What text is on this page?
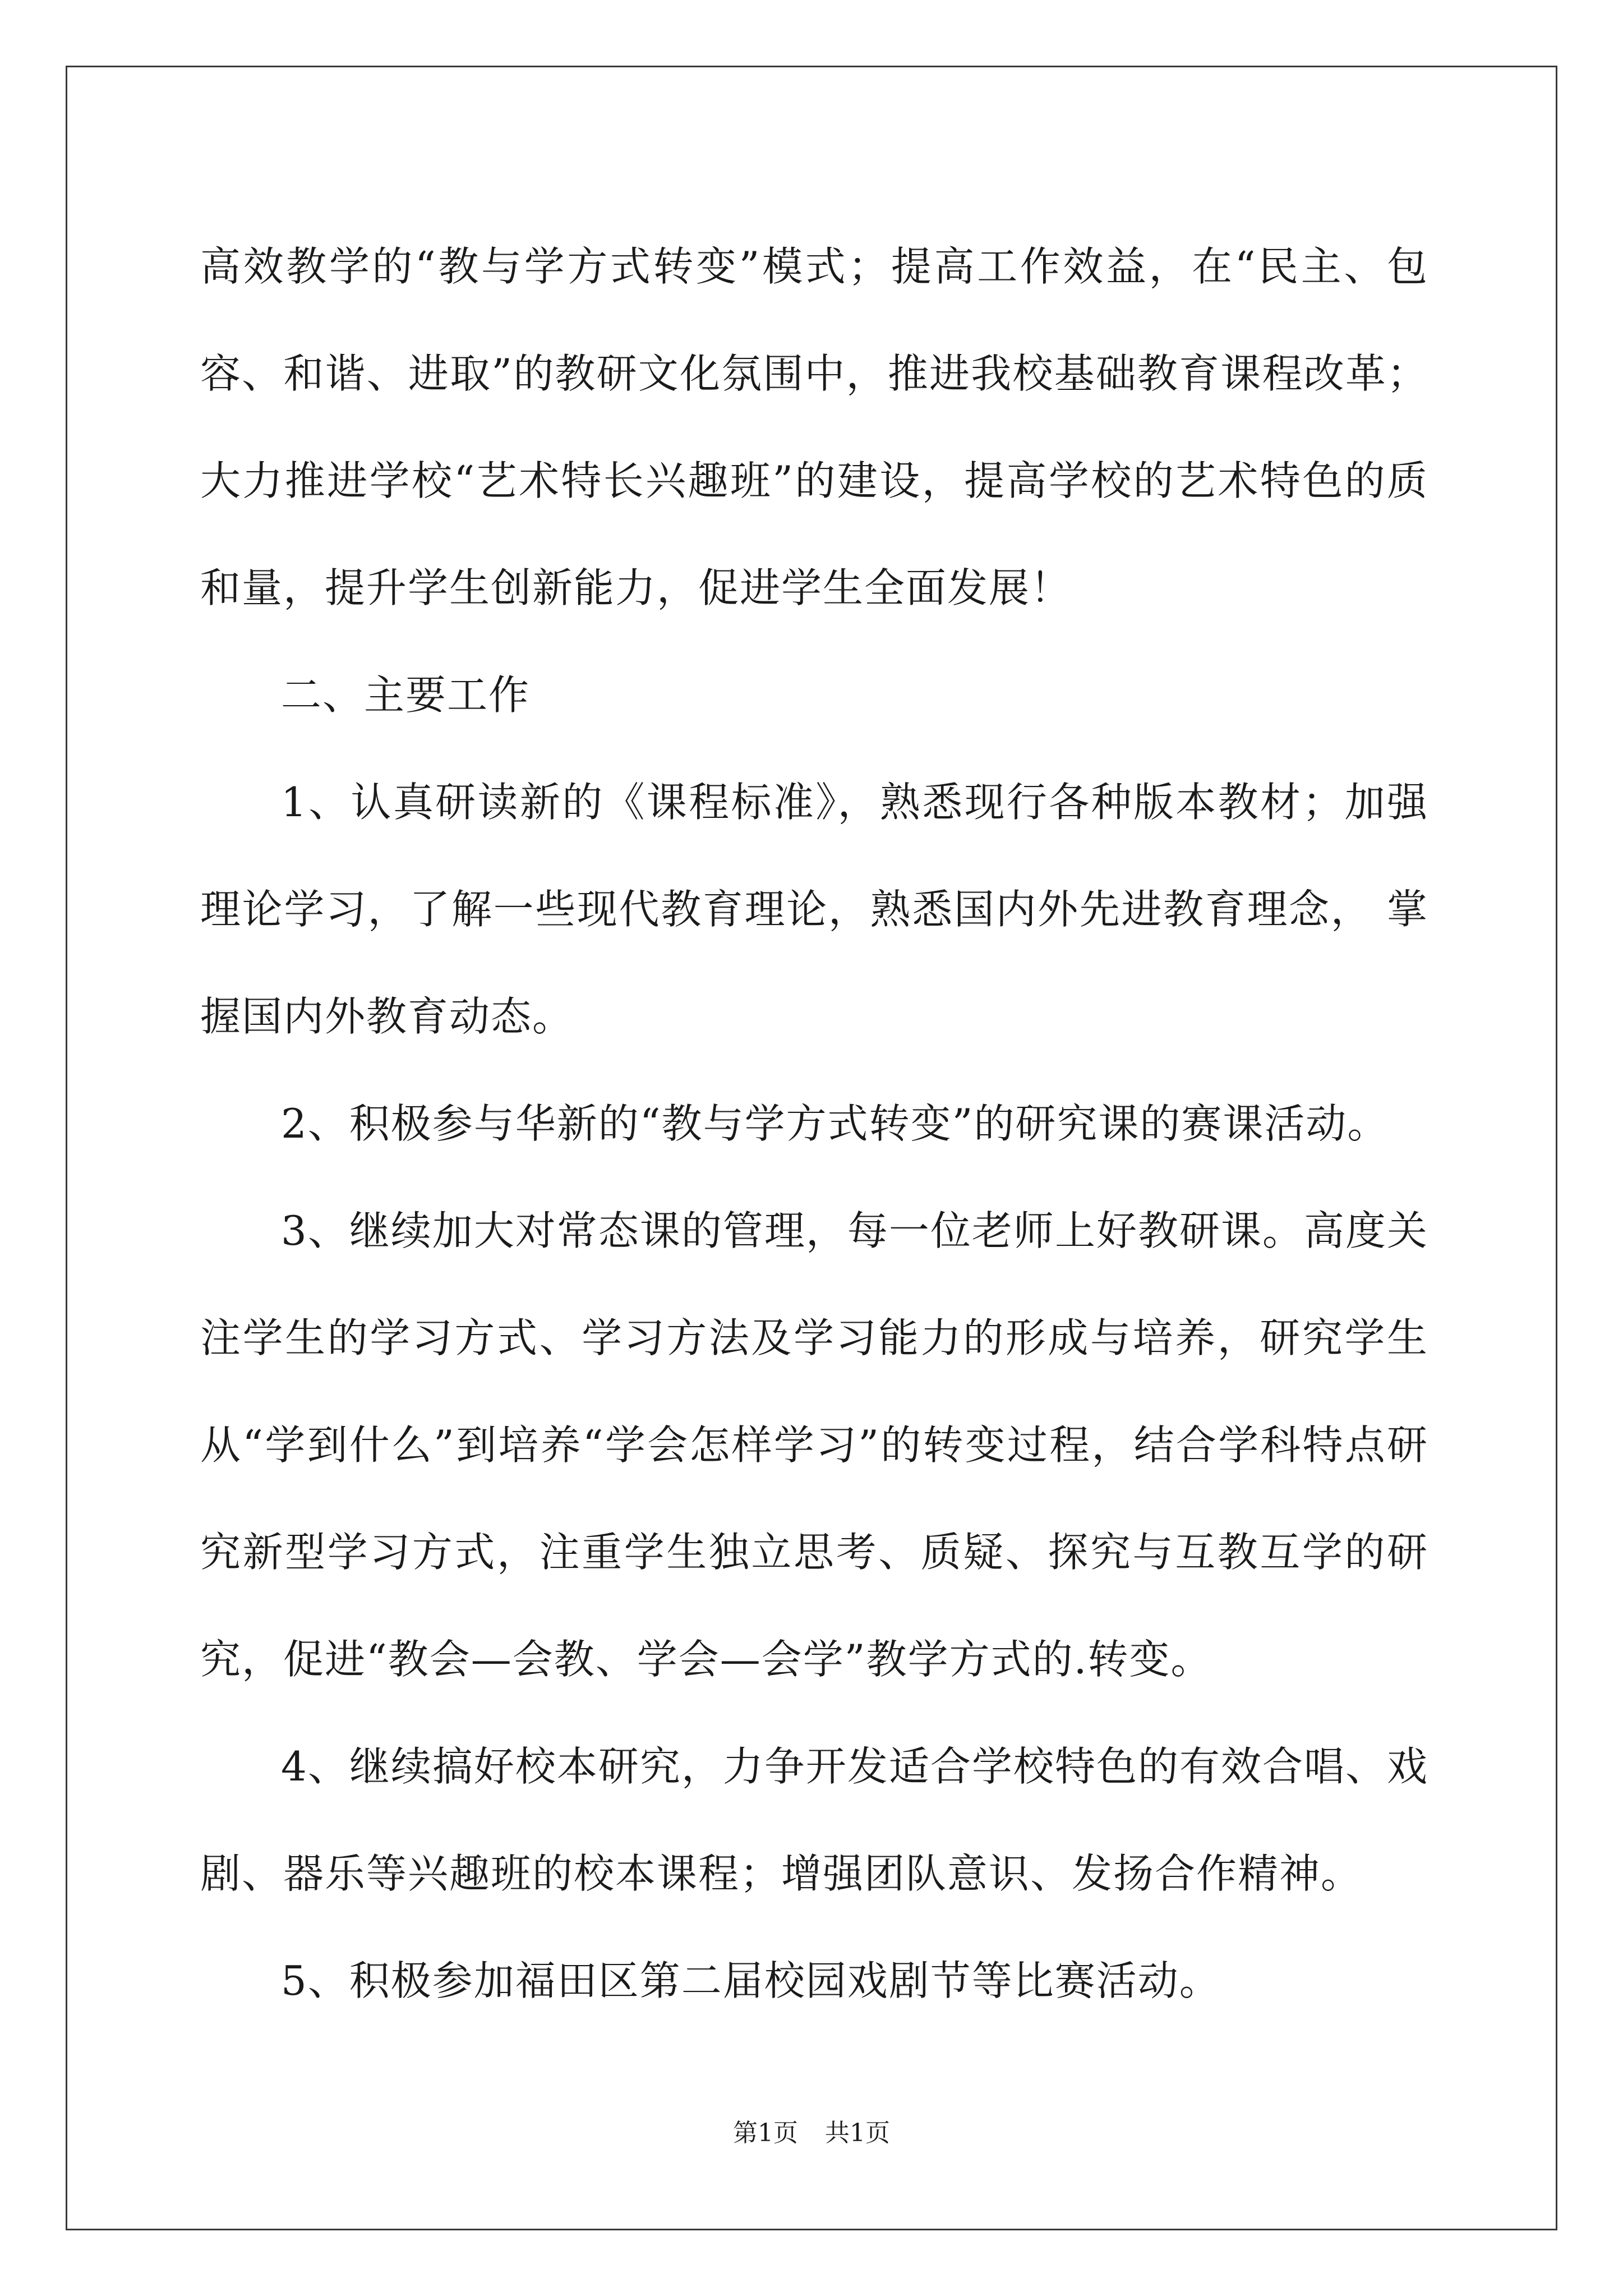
高效教学的“教与学方式转变”模式；提高工作效益，在“民主、包容、和谐、进取”的教研文化氛围中，推进我校基础教育课程改革；大力推进学校“艺术特长兴趣班”的建设，提高学校的艺术特色的质和量，提升学生创新能力，促进学生全面发展！

二、主要工作

1、认真研读新的《课程标准》，熟悉现行各种版本教材；加强理论学习，了解一些现代教育理论，熟悉国内外先进教育理念， 掌握国内外教育动态。

2、积极参与华新的“教与学方式转变”的研究课的赛课活动。

3、继续加大对常态课的管理，每一位老师上好教研课。高度关注学生的学习方式、学习方法及学习能力的形成与培养，研究学生从“学到什么”到培养“学会怎样学习”的转变过程，结合学科特点研究新型学习方式，注重学生独立思考、质疑、探究与互教互学的研究，促进“教会—会教、学会—会学”教学方式的.转变。

4、继续搞好校本研究，力争开发适合学校特色的有效合唱、戏剧、器乐等兴趣班的校本课程；增强团队意识、发扬合作精神。

5、积极参加福田区第二届校园戏剧节等比赛活动。

第1页 共1页
